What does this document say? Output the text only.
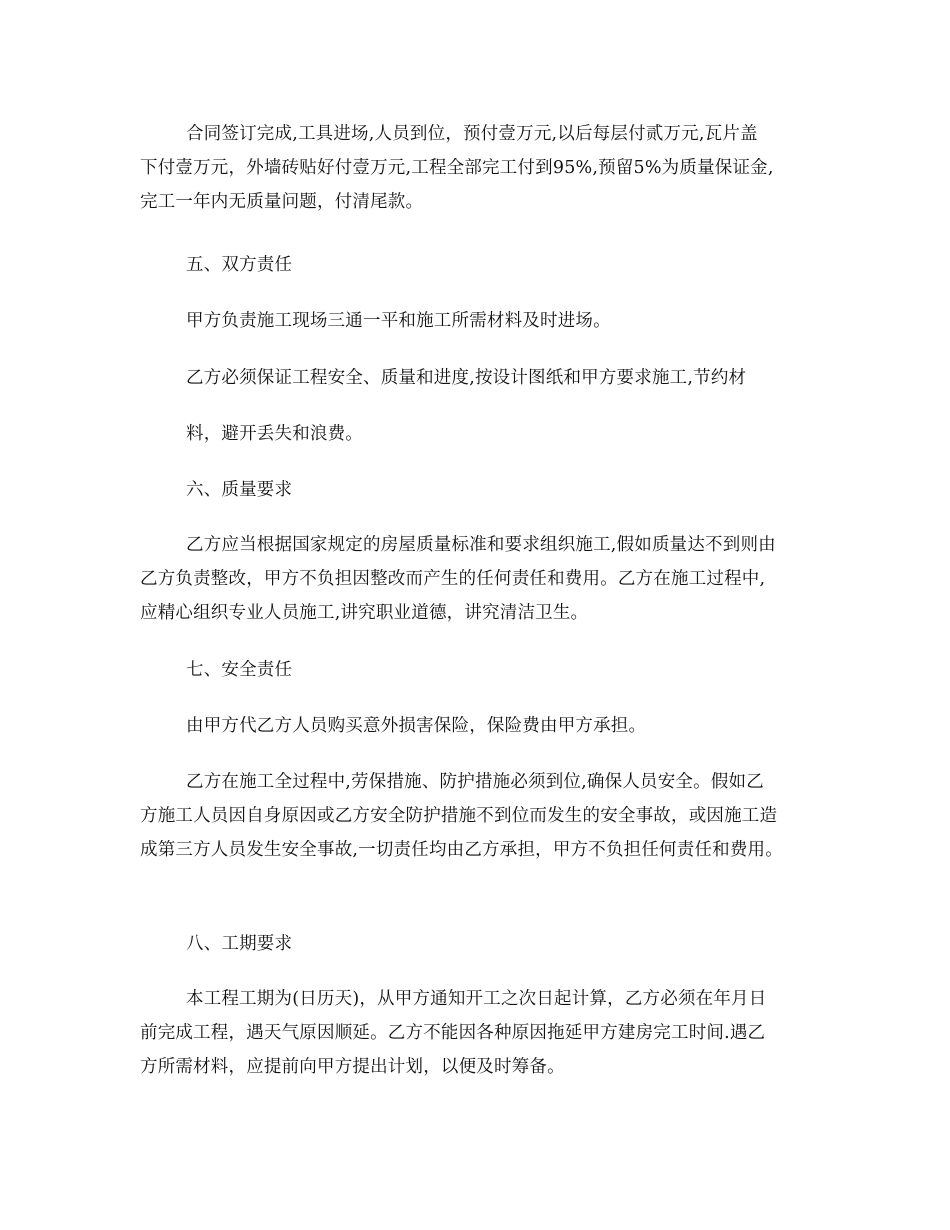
合同签订完成,工具进场,人员到位，预付壹万元,以后每层付贰万元,瓦片盖
下付壹万元，外墙砖贴好付壹万元,工程全部完工付到95%,预留5%为质量保证金,
完工一年内无质量问题，付清尾款。

五、双方责任

甲方负责施工现场三通一平和施工所需材料及时进场。

乙方必须保证工程安全、质量和进度,按设计图纸和甲方要求施工,节约材

料，避开丢失和浪费。

六、质量要求

乙方应当根据国家规定的房屋质量标准和要求组织施工,假如质量达不到则由
乙方负责整改，甲方不负担因整改而产生的任何责任和费用。乙方在施工过程中,
应精心组织专业人员施工,讲究职业道德，讲究清洁卫生。

七、安全责任

由甲方代乙方人员购买意外损害保险，保险费由甲方承担。

乙方在施工全过程中,劳保措施、防护措施必须到位,确保人员安全。假如乙
方施工人员因自身原因或乙方安全防护措施不到位而发生的安全事故，或因施工造
成第三方人员发生安全事故,一切责任均由乙方承担，甲方不负担任何责任和费用。

八、工期要求

本工程工期为(日历天)，从甲方通知开工之次日起计算，乙方必须在年月日
前完成工程，遇天气原因顺延。乙方不能因各种原因拖延甲方建房完工时间.遇乙
方所需材料，应提前向甲方提出计划，以便及时筹备。
